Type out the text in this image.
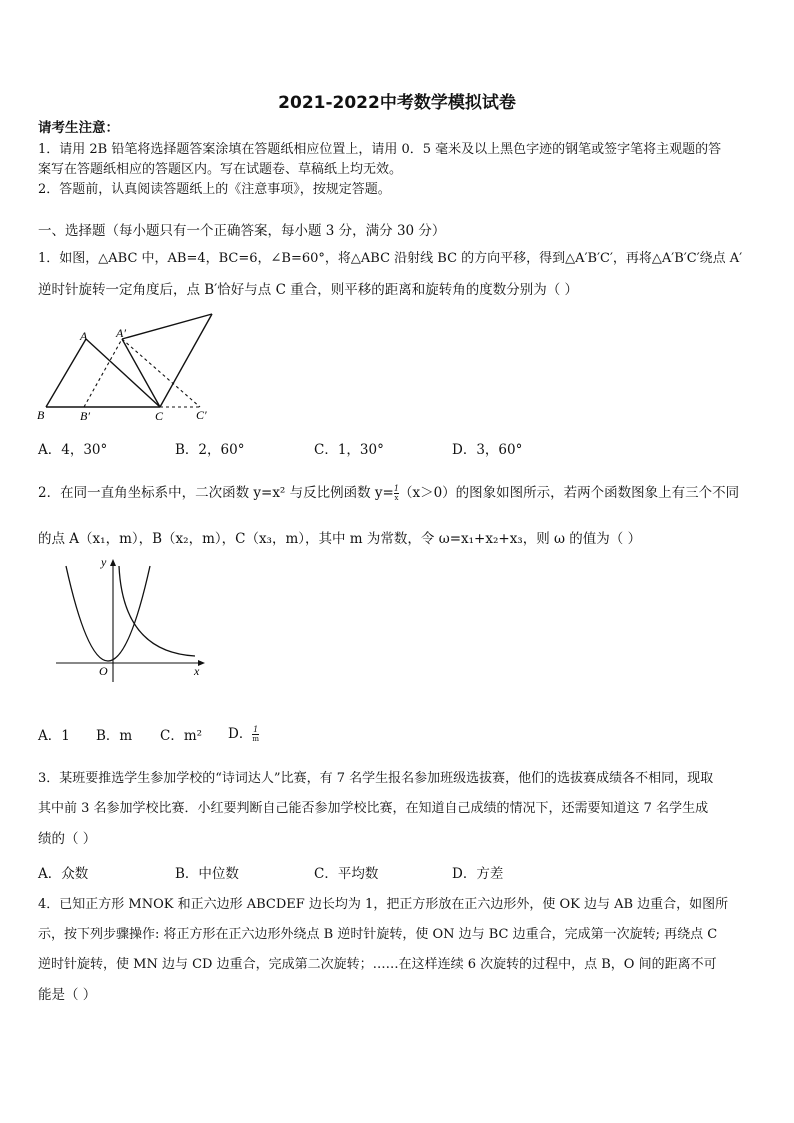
2021-2022中考数学模拟试卷
请考生注意：
1．请用 2B 铅笔将选择题答案涂填在答题纸相应位置上，请用 0．5 毫米及以上黑色字迹的钢笔或签字笔将主观题的答
案写在答题纸相应的答题区内。写在试题卷、草稿纸上均无效。
2．答题前，认真阅读答题纸上的《注意事项》，按规定答题。
一、选择题（每小题只有一个正确答案，每小题 3 分，满分 30 分）
1．如图，△ABC 中，AB=4，BC=6，∠B=60°，将△ABC 沿射线 BC 的方向平移，得到△A′B′C′，再将△A′B′C′绕点 A′
逆时针旋转一定角度后，点 B′恰好与点 C 重合，则平移的距离和旋转角的度数分别为（ ）
A A′
B	B′	C	C′
A．4，30°	B．2，60°	C．1，30°	D．3，60°
2．在同一直角坐标系中，二次函数 y=x² 与反比例函数 $y= \frac{1}{x} (x>0)$的图象如图所示，若两个函数图象上有三个不同
的点 A（x₁，m），B（x₂，m），C（x₃，m），其中 m 为常数，令 ω=x₁+x₂+x₃，则 ω 的值为（ ）
y
x
O
A．1 B．m C．m² D． $\frac{1}{m}$
3．某班要推选学生参加学校的“诗词达人”比赛，有 7 名学生报名参加班级选拔赛，他们的选拔赛成绩各不相同，现取
其中前 3 名参加学校比赛．小红要判断自己能否参加学校比赛，在知道自己成绩的情况下，还需要知道这 7 名学生成
绩的（ ）
A．众数	B．中位数	C．平均数	D．方差
4．已知正方形 MNOK 和正六边形 ABCDEF 边长均为 1，把正方形放在正六边形外，使 OK 边与 AB 边重合，如图所
示，按下列步骤操作: 将正方形在正六边形外绕点 B 逆时针旋转，使 ON 边与 BC 边重合，完成第一次旋转; 再绕点 C
逆时针旋转，使 MN 边与 CD 边重合，完成第二次旋转；……在这样连续 6 次旋转的过程中，点 B，O 间的距离不可
能是（ ）
